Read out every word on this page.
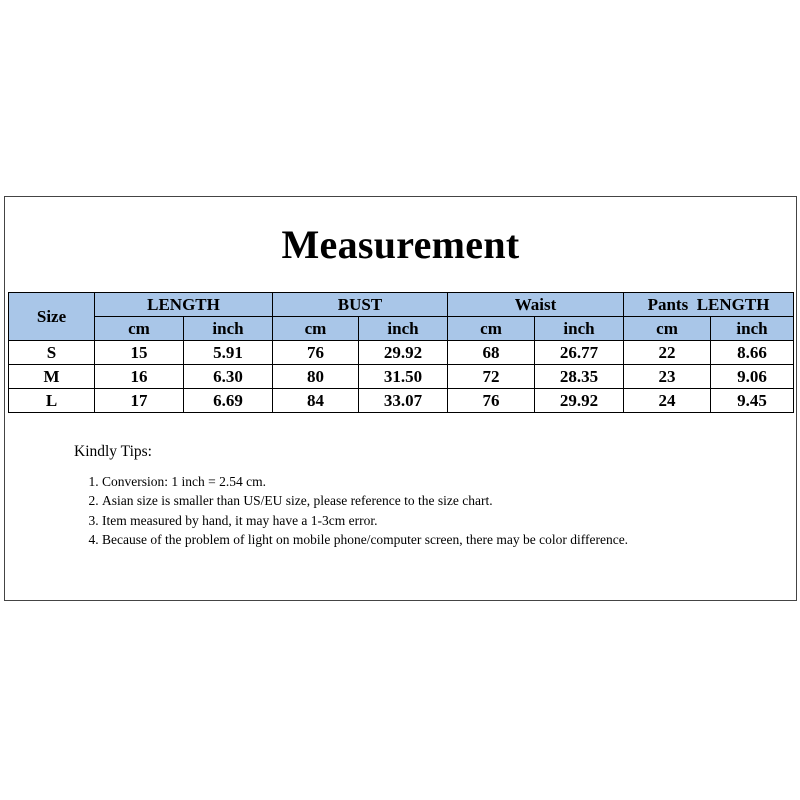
Measurement
Size	LENGTH		BUST		Waist		Pants  LENGTH	
	cm	inch	cm	inch	cm	inch	cm	inch
S	15	5.91	76	29.92	68	26.77	22	8.66
M	16	6.30	80	31.50	72	28.35	23	9.06
L	17	6.69	84	33.07	76	29.92	24	9.45
Kindly Tips:
1. Conversion: 1 inch = 2.54 cm.
2. Asian size is smaller than US/EU size, please reference to the size chart.
3. Item measured by hand, it may have a 1-3cm error.
4. Because of the problem of light on mobile phone/computer screen, there may be color difference.
